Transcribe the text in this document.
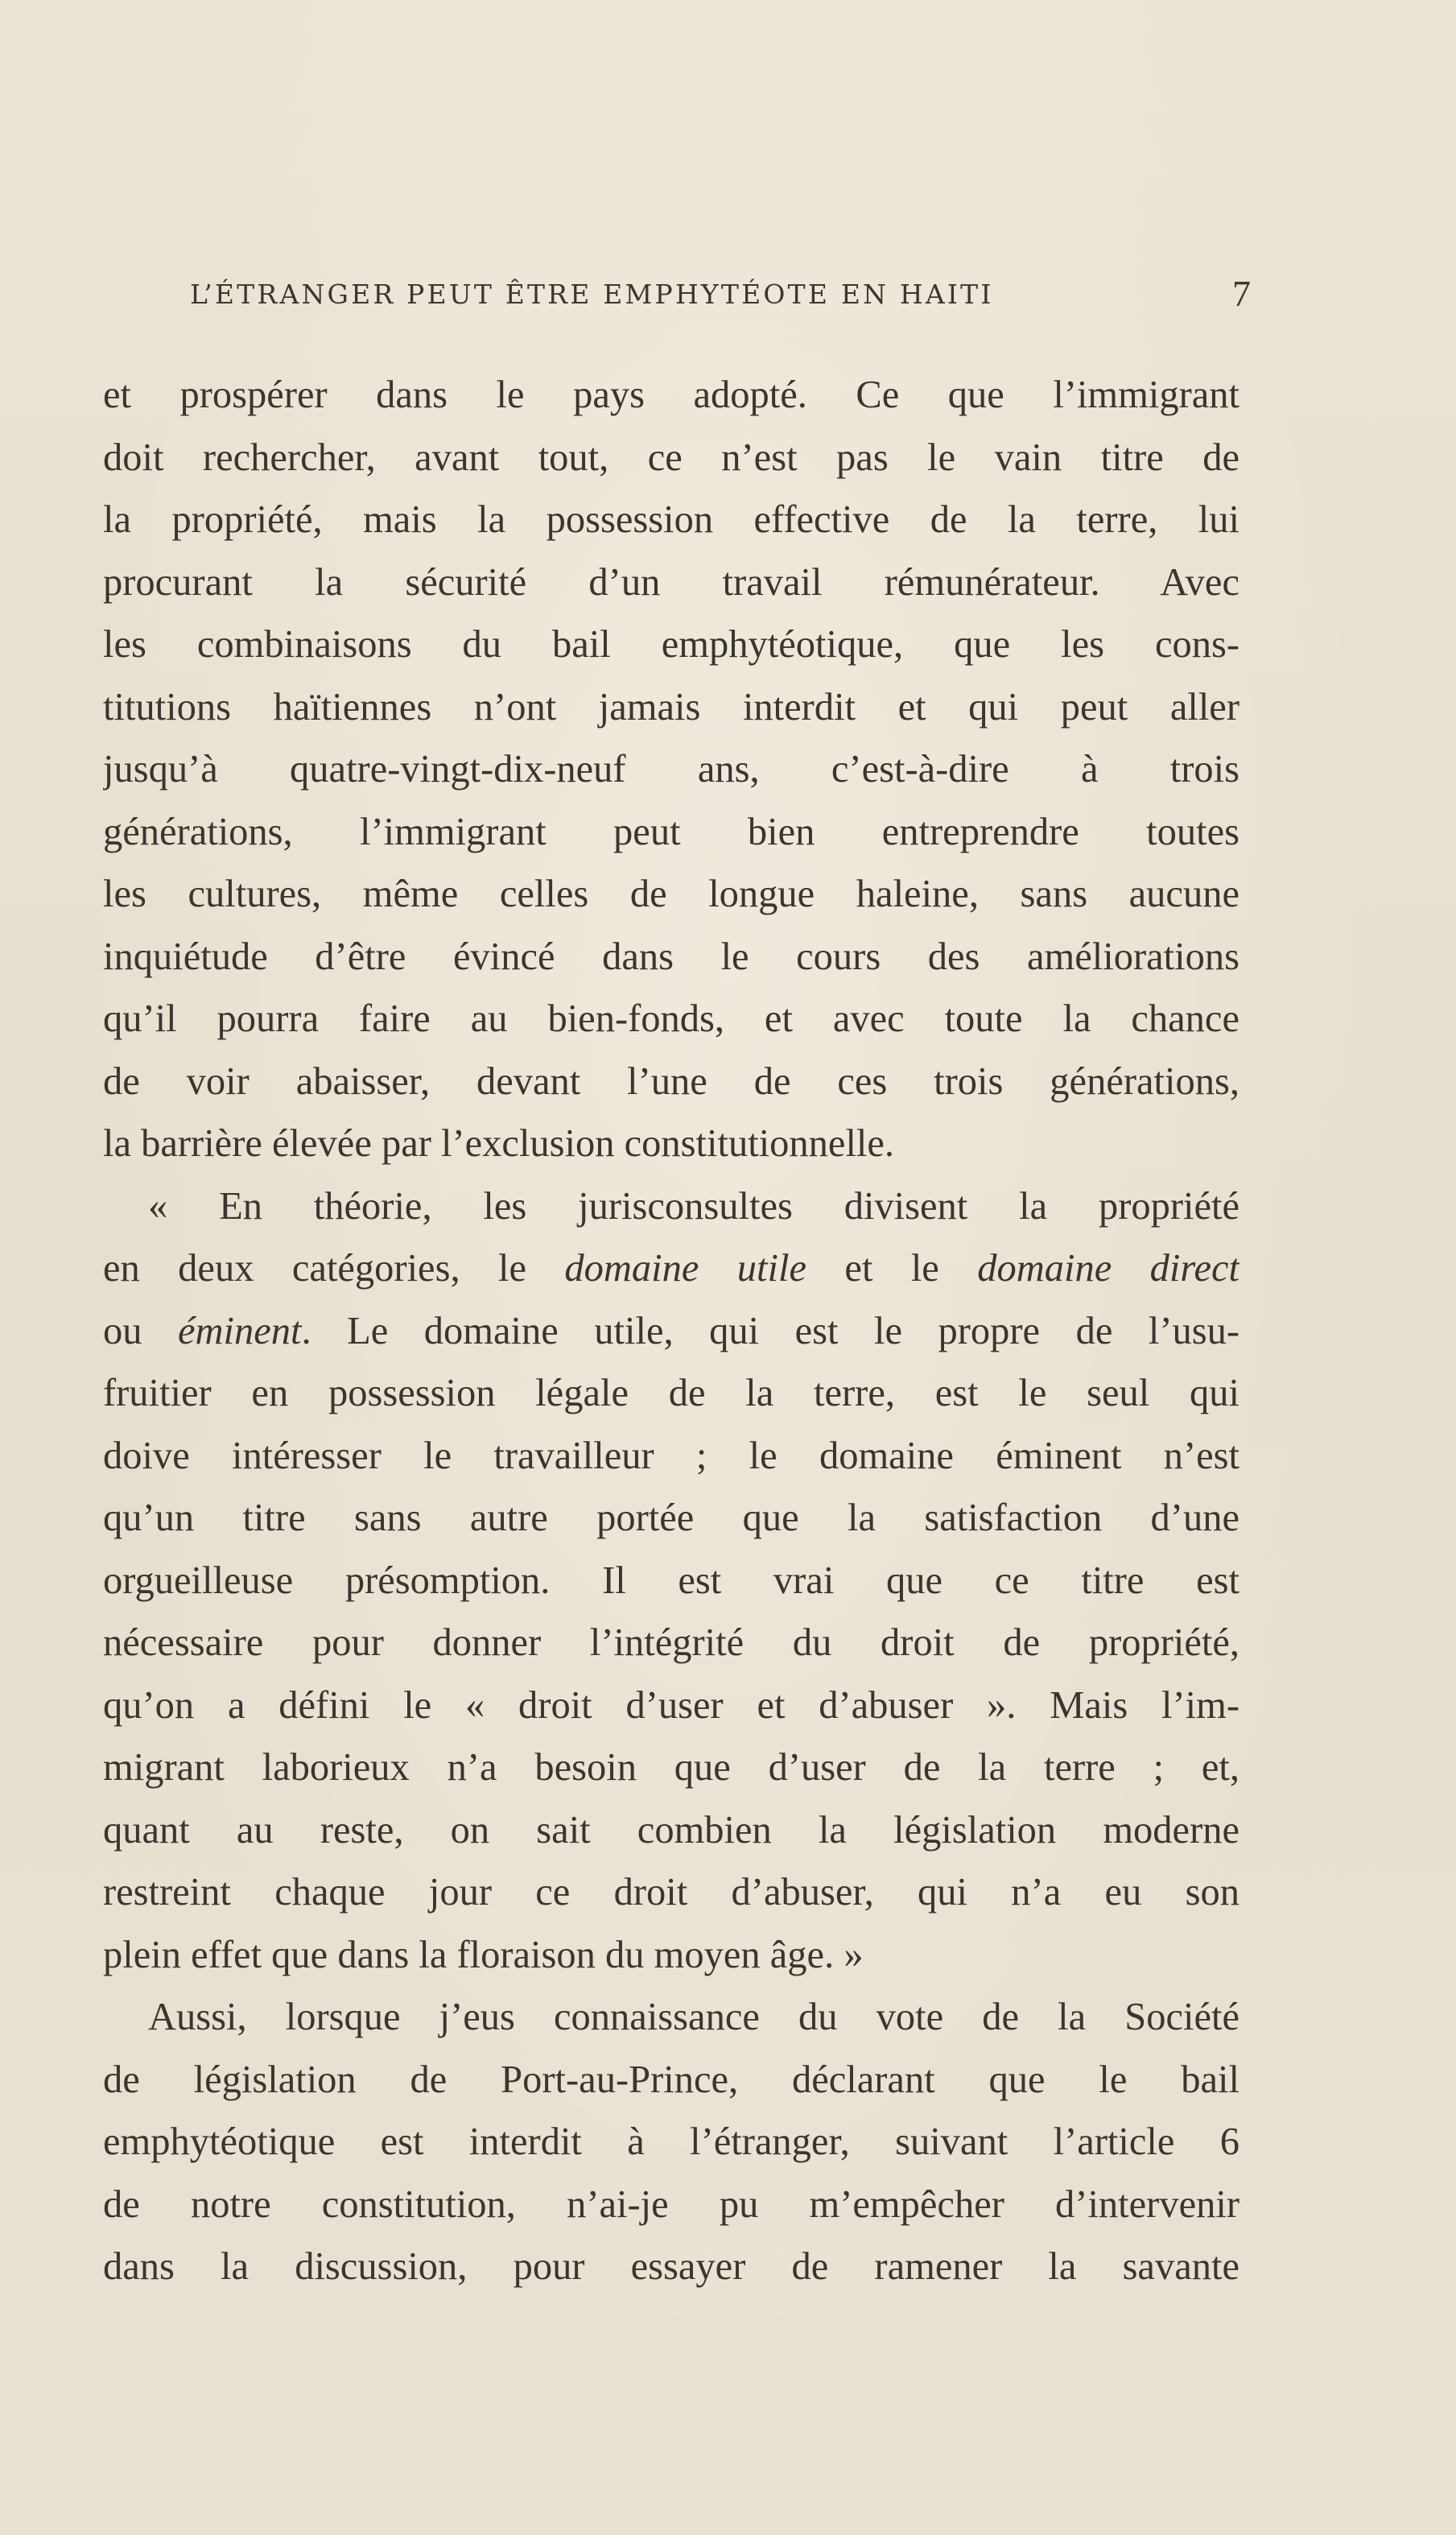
L’ÉTRANGER PEUT ÊTRE EMPHYTÉOTE EN HAITI	7
et prospérer dans le pays adopté. Ce que l’immigrant
doit rechercher, avant tout, ce n’est pas le vain titre de
la propriété, mais la possession effective de la terre, lui
procurant la sécurité d’un travail rémunérateur. Avec
les combinaisons du bail emphytéotique, que les cons-
titutions haïtiennes n’ont jamais interdit et qui peut aller
jusqu’à quatre-vingt-dix-neuf ans, c’est-à-dire à trois
générations, l’immigrant peut bien entreprendre toutes
les cultures, même celles de longue haleine, sans aucune
inquiétude d’être évincé dans le cours des améliorations
qu’il pourra faire au bien-fonds, et avec toute la chance
de voir abaisser, devant l’une de ces trois générations,
la barrière élevée par l’exclusion constitutionnelle.
« En théorie, les jurisconsultes divisent la propriété
en deux catégories, le domaine utile et le domaine direct
ou éminent. Le domaine utile, qui est le propre de l’usu-
fruitier en possession légale de la terre, est le seul qui
doive intéresser le travailleur ; le domaine éminent n’est
qu’un titre sans autre portée que la satisfaction d’une
orgueilleuse présomption. Il est vrai que ce titre est
nécessaire pour donner l’intégrité du droit de propriété,
qu’on a défini le « droit d’user et d’abuser ». Mais l’im-
migrant laborieux n’a besoin que d’user de la terre ; et,
quant au reste, on sait combien la législation moderne
restreint chaque jour ce droit d’abuser, qui n’a eu son
plein effet que dans la floraison du moyen âge. »
Aussi, lorsque j’eus connaissance du vote de la Société
de législation de Port-au-Prince, déclarant que le bail
emphytéotique est interdit à l’étranger, suivant l’article 6
de notre constitution, n’ai-je pu m’empêcher d’intervenir
dans la discussion, pour essayer de ramener la savante
